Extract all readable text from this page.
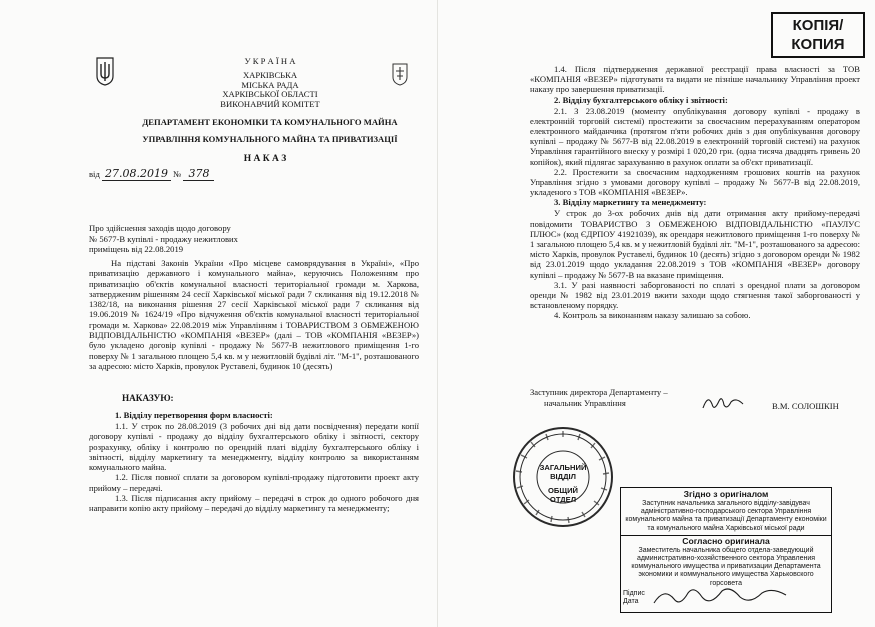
У К Р А Ї Н А
ХАРКІВСЬКА
МІСЬКА РАДА
ХАРКІВСЬКОЇ ОБЛАСТІ
ВИКОНАВЧИЙ КОМІТЕТ
ДЕПАРТАМЕНТ ЕКОНОМІКИ ТА КОМУНАЛЬНОГО МАЙНА
УПРАВЛІННЯ КОМУНАЛЬНОГО МАЙНА ТА ПРИВАТИЗАЦІЇ
Н А К А З
від 27.08.2019 № 378
Про здійснення заходів щодо договору
№ 5677-В купівлі - продажу нежитлових
приміщень від 22.08.2019
На підставі Законів України «Про місцеве самоврядування в Україні», «Про приватизацію державного і комунального майна», керуючись Положенням про приватизацію об'єктів комунальної власності територіальної громади м. Харкова, затвердженим рішенням 24 сесії Харківської міської ради 7 скликання від 19.12.2018 № 1382/18, на виконання рішення 27 сесії Харківської міської ради 7 скликання від 19.06.2019 № 1624/19 «Про відчуження об'єктів комунальної власності територіальної громади м. Харкова» 22.08.2019 між Управлінням і ТОВАРИСТВОМ З ОБМЕЖЕНОЮ ВІДПОВІДАЛЬНІСТЮ «КОМПАНІЯ «ВЕЗЕР» (далі – ТОВ «КОМПАНІЯ «ВЕЗЕР») було укладено договір купівлі - продажу № 5677-В нежитлового приміщення 1-го поверху № 1 загальною площею 5,4 кв. м у нежитловій будівлі літ. "М-1", розташованого за адресою: місто Харків, провулок Руставелі, будинок 10 (десять)
НАКАЗУЮ:
1. Відділу перетворення форм власності:
1.1. У строк по 28.08.2019 (3 робочих дні від дати посвідчення) передати копії договору купівлі - продажу до відділу бухгалтерського обліку і звітності, сектору розрахунку, обліку і контролю по орендній платі відділу бухгалтерського обліку і звітності, відділу маркетингу та менеджменту, відділу контролю за використанням комунального майна.
1.2. Після повної сплати за договором купівлі-продажу підготовити проект акту прийому – передачі.
1.3. Після підписання акту прийому – передачі в строк до одного робочого дня направити копію акту прийому – передачі до відділу маркетингу та менеджменту;
1.4. Після підтвердження державної реєстрації права власності за ТОВ «КОМПАНІЯ «ВЕЗЕР» підготувати та видати не пізніше начальнику Управління проект наказу про завершення приватизації.
2. Відділу бухгалтерського обліку і звітності:
2.1. З 23.08.2019 (моменту опублікування договору купівлі - продажу в електронній торговій системі) простежити за своєчасним перерахуванням оператором електронного майданчика (протягом п'яти робочих днів з дня опублікування договору купівлі – продажу № 5677-В від 22.08.2019 в електронній торговій системі) на рахунок Управління гарантійного внеску у розмірі 1 020,20 грн. (одна тисяча двадцять гривень 20 копійок), який підлягає зарахуванню в рахунок оплати за об'єкт приватизації.
2.2. Простежити за своєчасним надходженням грошових коштів на рахунок Управління згідно з умовами договору купівлі – продажу № 5677-В від 22.08.2019, укладеного з ТОВ «КОМПАНІЯ «ВЕЗЕР».
3. Відділу маркетингу та менеджменту:
У строк до 3-ох робочих днів від дати отримання акту прийому-передачі повідомити ТОВАРИСТВО З ОБМЕЖЕНОЮ ВІДПОВІДАЛЬНІСТЮ «ПАУЛУС ПЛЮС» (код ЄДРПОУ 41921039), як орендаря нежитлового приміщення 1-го поверху № 1 загальною площею 5,4 кв. м у нежитловій будівлі літ. "М-1", розташованого за адресою: місто Харків, провулок Руставелі, будинок 10 (десять) згідно з договором оренди № 1982 від 23.01.2019 щодо укладання 22.08.2019 з ТОВ «КОМПАНІЯ «ВЕЗЕР» договору купівлі – продажу № 5677-В на вказане приміщення.
3.1. У разі наявності заборгованості по сплаті з орендної плати за договором оренди № 1982 від 23.01.2019 вжити заходи щодо стягнення такої заборгованості у встановленому порядку.
4. Контроль за виконанням наказу залишаю за собою.
Заступник директора Департаменту –
начальник Управління	В.М. СОЛОШКІН
КОПІЯ/
КОПИЯ
ЗАГАЛЬНИЙ
ВІДДІЛ
ОБЩИЙ ОТДЕЛ	Згідно з оригіналом
Заступник начальника загального відділу-завідувач адміністративно-господарського сектора Управління комунального майна та приватизації Департаменту економіки та комунального майна Харківської міської ради
Согласно оригинала
Заместитель начальника общего отдела-заведующий административно-хозяйственного сектора Управления коммунального имущества и приватизации Департамента экономики и коммунального имущества Харьковского горсовета
Підпис
Дата
